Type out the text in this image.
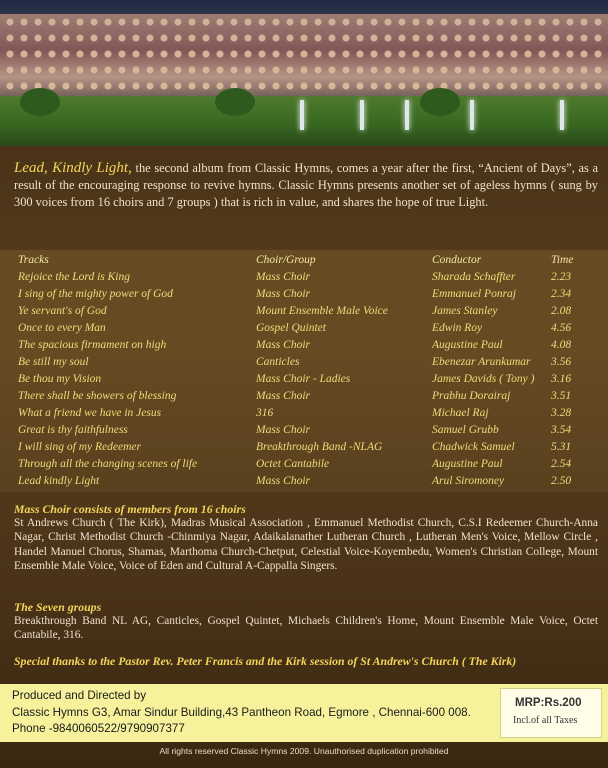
Lead, Kindly Light, the second album from Classic Hymns, comes a year after the first, “Ancient of Days”, as a result of the encouraging response to revive hymns. Classic Hymns presents another set of ageless hymns ( sung by 300 voices from 16 choirs and 7 groups ) that is rich in value, and shares the hope of true Light.
Tracks	Choir/Group	Conductor	Time
Rejoice the Lord is King	Mass Choir	Sharada Schaffter	2.23
I sing of the mighty power of God	Mass Choir	Emmanuel Ponraj	2.34
Ye servant's of God	Mount Ensemble Male Voice	James Stanley	2.08
Once to every Man	Gospel Quintet	Edwin Roy	4.56
The spacious firmament on high	Mass Choir	Augustine Paul	4.08
Be still my soul	Canticles	Ebenezar Arunkumar 3.56
Be thou my Vision	Mass Choir - Ladies	James Davids ( Tony ) 3.16
There shall be showers of blessing	Mass Choir	Prabhu Dorairaj	3.51
What a friend we have in Jesus	316	Michael Raj	3.28
Great is thy faithfulness	Mass Choir	Samuel Grubb	3.54
I will sing of my Redeemer	Breakthrough Band -NLAG	Chadwick Samuel	5.31
Through all the changing scenes of life	Octet Cantabile	Augustine Paul	2.54
Lead kindly Light	Mass Choir	Arul Siromoney	2.50
Mass Choir consists of members from 16 choirs
St Andrews Church ( The Kirk), Madras Musical Association , Emmanuel Methodist Church, C.S.I Redeemer Church-Anna Nagar, Christ Methodist Church -Chinmiya Nagar, Adaikalanather Lutheran Church , Lutheran Men's Voice, Mellow Circle , Handel Manuel Chorus, Shamas, Marthoma Church-Chetput, Celestial Voice-Koyembedu, Women's Christian College, Mount Ensemble Male Voice, Voice of Eden and Cultural A-Cappalla Singers.
The Seven groups
Breakthrough Band NL AG, Canticles, Gospel Quintet, Michaels Children's Home, Mount Ensemble Male Voice, Octet Cantabile, 316.
Special thanks to the Pastor Rev. Peter Francis and the Kirk session of St Andrew's Church ( The Kirk)
Produced and Directed by
Classic Hymns G3, Amar Sindur Building,43 Pantheon Road, Egmore , Chennai-600 008.
Phone -9840060522/9790907377
MRP:Rs.200
Incl.of all Taxes
All rights reserved Classic Hymns 2009. Unauthorised duplication prohibited
